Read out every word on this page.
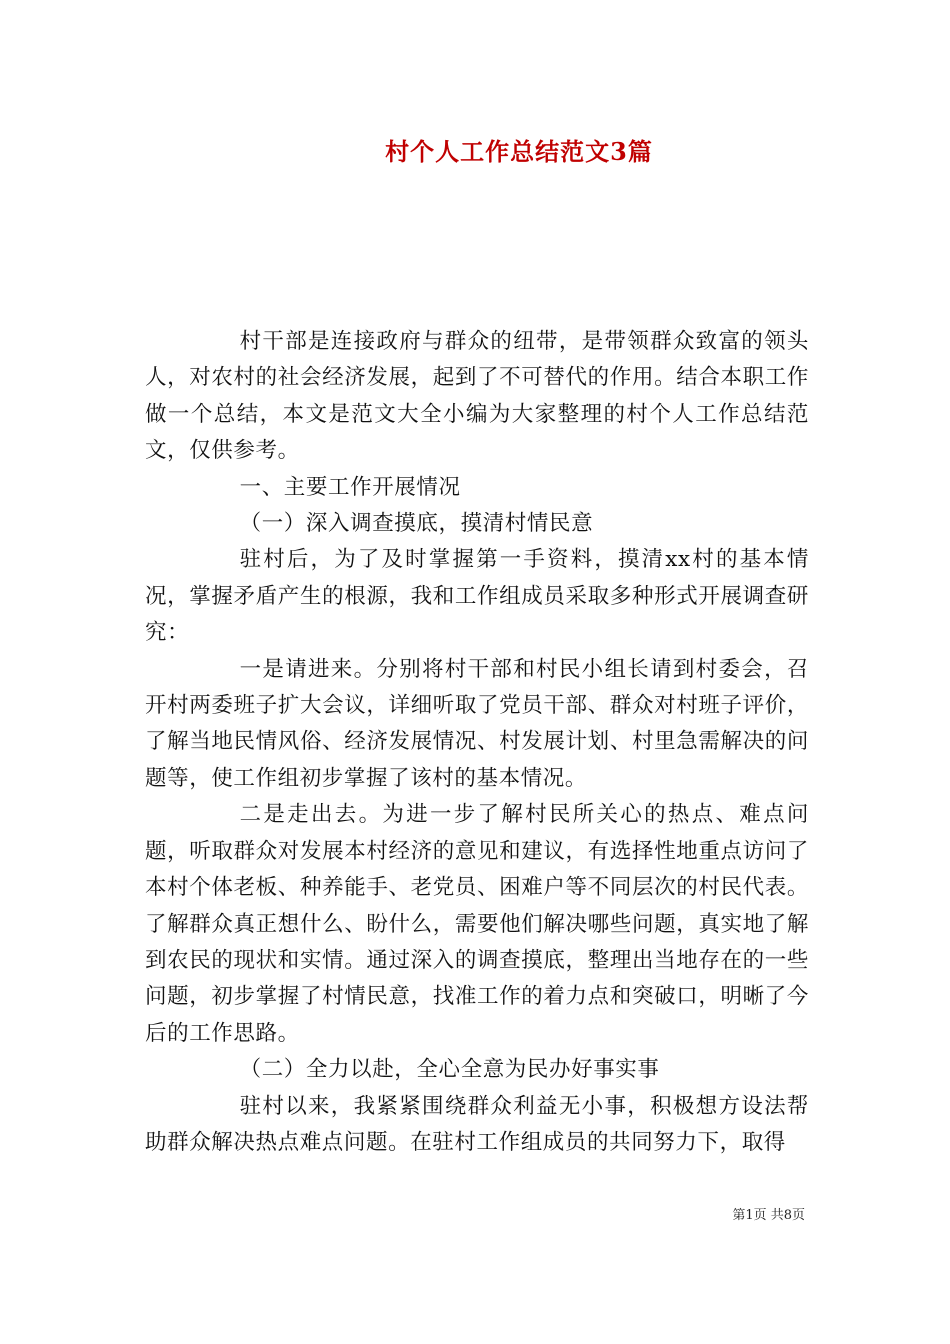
村个人工作总结范文3篇

村干部是连接政府与群众的纽带，是带领群众致富的领头人，对农村的社会经济发展，起到了不可替代的作用。结合本职工作做一个总结，本文是范文大全小编为大家整理的村个人工作总结范文，仅供参考。

一、主要工作开展情况

（一）深入调查摸底，摸清村情民意

驻村后，为了及时掌握第一手资料，摸清xx村的基本情况，掌握矛盾产生的根源，我和工作组成员采取多种形式开展调查研究：

一是请进来。分别将村干部和村民小组长请到村委会，召开村两委班子扩大会议，详细听取了党员干部、群众对村班子评价，了解当地民情风俗、经济发展情况、村发展计划、村里急需解决的问题等，使工作组初步掌握了该村的基本情况。

二是走出去。为进一步了解村民所关心的热点、难点问题，听取群众对发展本村经济的意见和建议，有选择性地重点访问了本村个体老板、种养能手、老党员、困难户等不同层次的村民代表。了解群众真正想什么、盼什么，需要他们解决哪些问题，真实地了解到农民的现状和实情。通过深入的调查摸底，整理出当地存在的一些问题，初步掌握了村情民意，找准工作的着力点和突破口，明晰了今后的工作思路。

（二）全力以赴，全心全意为民办好事实事

驻村以来，我紧紧围绕群众利益无小事，积极想方设法帮助群众解决热点难点问题。在驻村工作组成员的共同努力下，取得

第1页 共8页
